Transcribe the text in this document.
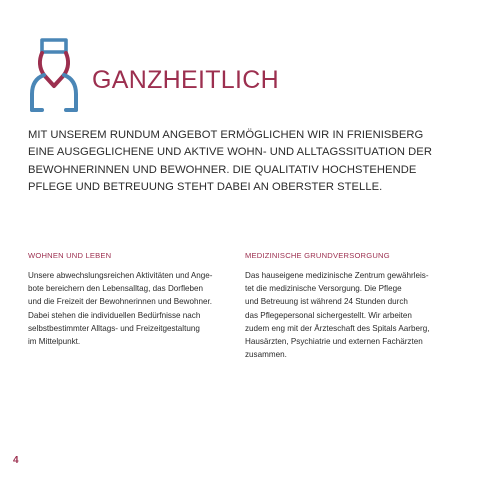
GANZHEITLICH
MIT UNSEREM RUNDUM ANGEBOT ERMÖGLICHEN WIR IN FRIENISBERG
EINE AUSGEGLICHENE UND AKTIVE WOHN- UND ALLTAGSSITUATION DER
BEWOHNERINNEN UND BEWOHNER. DIE QUALITATIV HOCHSTEHENDE
PFLEGE UND BETREUUNG STEHT DABEI AN OBERSTER STELLE.
WOHNEN UND LEBEN
Unsere abwechslungsreichen Aktivitäten und Ange-
bote bereichern den Lebensalltag, das Dorfleben
und die Freizeit der Bewohnerinnen und Bewohner.
Dabei stehen die individuellen Bedürfnisse nach
selbstbestimmter Alltags- und Freizeitgestaltung
im Mittelpunkt.
MEDIZINISCHE GRUNDVERSORGUNG
Das hauseigene medizinische Zentrum gewährleis-
tet die medizinische Versorgung. Die Pflege
und Betreuung ist während 24 Stunden durch
das Pflegepersonal sichergestellt. Wir arbeiten
zudem eng mit der Ärzteschaft des Spitals Aarberg,
Hausärzten, Psychiatrie und externen Fachärzten
zusammen.
4
